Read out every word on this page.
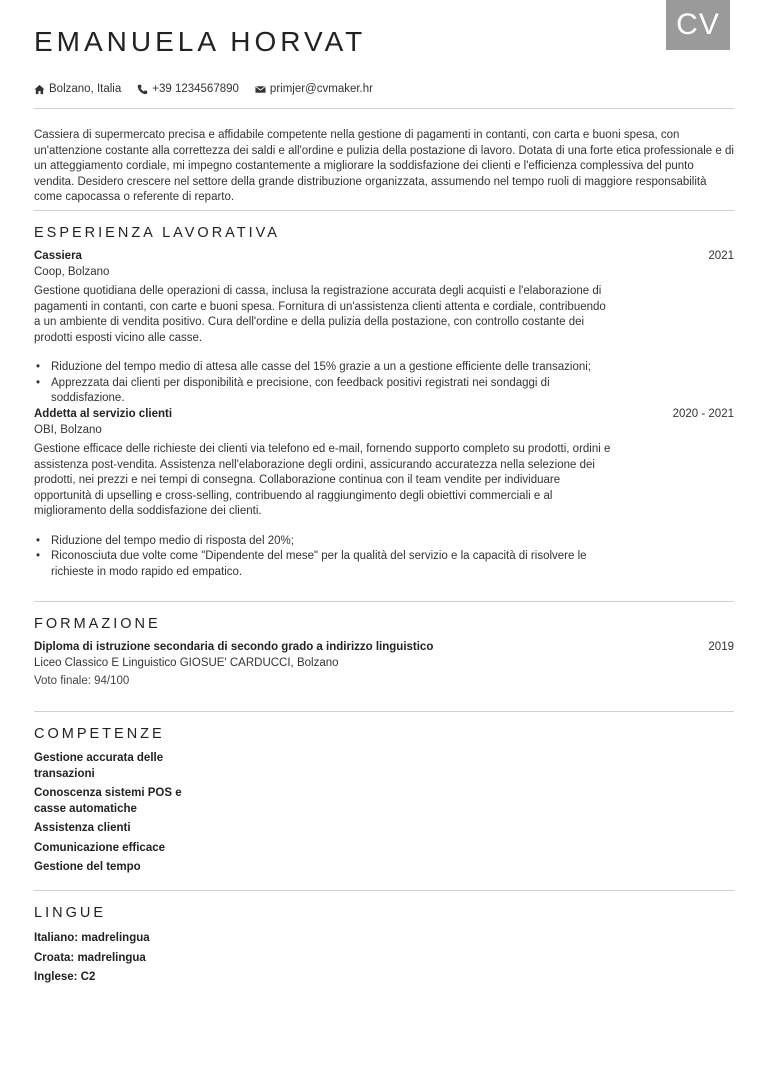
CV
EMANUELA HORVAT
Bolzano, Italia	+39 1234567890	primjer@cvmaker.hr

Cassiera di supermercato precisa e affidabile competente nella gestione di pagamenti in contanti, con carta e buoni spesa, con un'attenzione costante alla correttezza dei saldi e all'ordine e pulizia della postazione di lavoro. Dotata di una forte etica professionale e di un atteggiamento cordiale, mi impegno costantemente a migliorare la soddisfazione dei clienti e l'efficienza complessiva del punto vendita. Desidero crescere nel settore della grande distribuzione organizzata, assumendo nel tempo ruoli di maggiore responsabilità come capocassa o referente di reparto.

ESPERIENZA LAVORATIVA
Cassiera	2021
Coop, Bolzano

Gestione quotidiana delle operazioni di cassa, inclusa la registrazione accurata degli acquisti e l'elaborazione di pagamenti in contanti, con carte e buoni spesa. Fornitura di un'assistenza clienti attenta e cordiale, contribuendo a un ambiente di vendita positivo. Cura dell'ordine e della pulizia della postazione, con controllo costante dei prodotti esposti vicino alle casse.

• Riduzione del tempo medio di attesa alle casse del 15% grazie a un a gestione efficiente delle transazioni;
• Apprezzata dai clienti per disponibilità e precisione, con feedback positivi registrati nei sondaggi di soddisfazione.
Addetta al servizio clienti	2020 - 2021
OBI, Bolzano

Gestione efficace delle richieste dei clienti via telefono ed e-mail, fornendo supporto completo su prodotti, ordini e assistenza post-vendita. Assistenza nell'elaborazione degli ordini, assicurando accuratezza nella selezione dei prodotti, nei prezzi e nei tempi di consegna. Collaborazione continua con il team vendite per individuare opportunità di upselling e cross-selling, contribuendo al raggiungimento degli obiettivi commerciali e al miglioramento della soddisfazione dei clienti.

• Riduzione del tempo medio di risposta del 20%;
• Riconosciuta due volte come "Dipendente del mese" per la qualità del servizio e la capacità di risolvere le richieste in modo rapido ed empatico.
FORMAZIONE
Diploma di istruzione secondaria di secondo grado a indirizzo linguistico	2019
Liceo Classico E Linguistico GIOSUE' CARDUCCI, Bolzano
Voto finale: 94/100
COMPETENZE
Gestione accurata delle transazioni
Conoscenza sistemi POS e casse automatiche
Assistenza clienti
Comunicazione efficace
Gestione del tempo
LINGUE
Italiano: madrelingua
Croata: madrelingua
Inglese: C2
